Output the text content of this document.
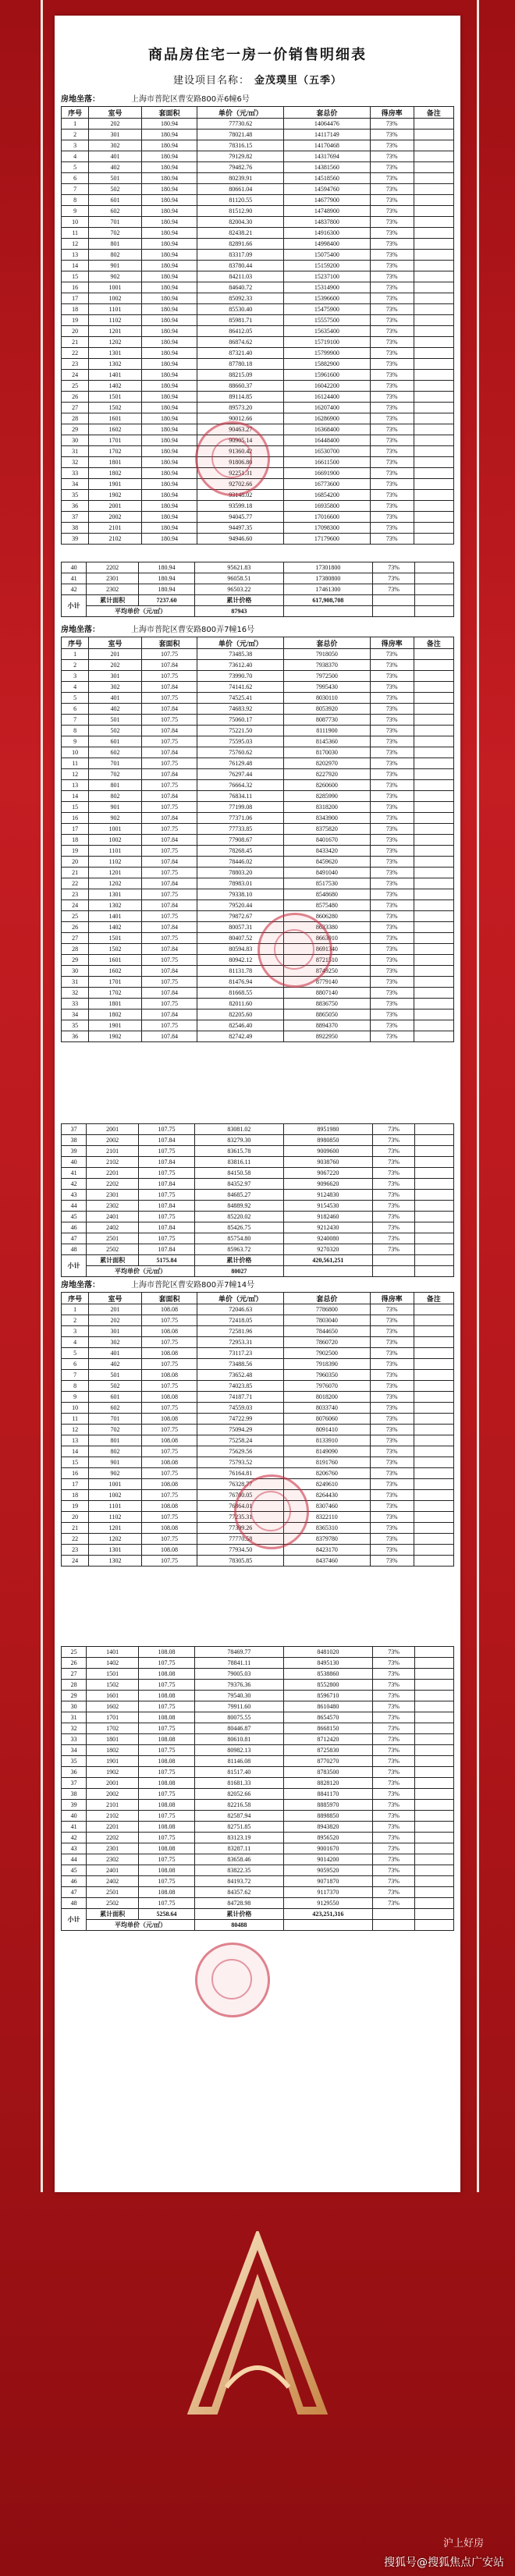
商品房住宅一房一价销售明细表
建设项目名称： 金茂璞里（五季）
房地坐落：	上海市普陀区曹安路800弄6幢6号
序号	室号	套面积	单价（元/㎡）	套总价	得房率	备注
1	202	180.94	77730.62	14064476	73%	
2	301	180.94	78021.48	14117149	73%	
3	302	180.94	78316.15	14170468	73%	
4	401	180.94	79129.82	14317694	73%	
5	402	180.94	79482.76	14381560	73%	
6	501	180.94	80239.91	14518560	73%	
7	502	180.94	80661.04	14594760	73%	
8	601	180.94	81120.55	14677900	73%	
9	602	180.94	81512.90	14748900	73%	
10	701	180.94	82004.30	14837800	73%	
11	702	180.94	82438.21	14916300	73%	
12	801	180.94	82891.66	14998400	73%	
13	802	180.94	83317.09	15075400	73%	
14	901	180.94	83780.44	15159200	73%	
15	902	180.94	84211.03	15237100	73%	
16	1001	180.94	84640.72	15314900	73%	
17	1002	180.94	85092.33	15396600	73%	
18	1101	180.94	85530.40	15475900	73%	
19	1102	180.94	85981.71	15557500	73%	
20	1201	180.94	86412.05	15635400	73%	
21	1202	180.94	86874.62	15719100	73%	
22	1301	180.94	87321.40	15799900	73%	
23	1302	180.94	87780.18	15882900	73%	
24	1401	180.94	88215.09	15961600	73%	
25	1402	180.94	88660.37	16042200	73%	
26	1501	180.94	89114.85	16124400	73%	
27	1502	180.94	89573.20	16207400	73%	
28	1601	180.94	90012.66	16286900	73%	
29	1602	180.94	90463.27	16368400	73%	
30	1701	180.94	90905.14	16448400	73%	
31	1702	180.94	91360.42	16530700	73%	
32	1801	180.94	91806.80	16611500	73%	
33	1802	180.94	92251.31	16691900	73%	
34	1901	180.94	92702.66	16773600	73%	
35	1902	180.94	93148.02	16854200	73%	
36	2001	180.94	93599.18	16935800	73%	
37	2002	180.94	94045.77	17016600	73%	
38	2101	180.94	94497.35	17098300	73%	
39	2102	180.94	94946.60	17179600	73%	
40	2202	180.94	95621.83	17301800	73%	
41	2301	180.94	96058.51	17380800	73%	
42	2302	180.94	96503.22	17461300	73%	
小计	累计面积	7237.60	累计价格	617,908,708		
	平均单价（元/㎡）		87943			
房地坐落：	上海市普陀区曹安路800弄7幢16号
序号	室号	套面积	单价（元/㎡）	套总价	得房率	备注
1	201	107.75	73485.38	7918050	73%	
2	202	107.84	73612.40	7938370	73%	
3	301	107.75	73990.70	7972500	73%	
4	302	107.84	74141.62	7995430	73%	
5	401	107.75	74525.41	8030110	73%	
6	402	107.84	74683.92	8053920	73%	
7	501	107.75	75060.17	8087730	73%	
8	502	107.84	75221.50	8111900	73%	
9	601	107.75	75595.03	8145360	73%	
10	602	107.84	75760.62	8170030	73%	
11	701	107.75	76129.48	8202970	73%	
12	702	107.84	76297.44	8227920	73%	
13	801	107.75	76664.32	8260600	73%	
14	802	107.84	76834.11	8285990	73%	
15	901	107.75	77199.08	8318200	73%	
16	902	107.84	77371.06	8343900	73%	
17	1001	107.75	77733.85	8375820	73%	
18	1002	107.84	77908.67	8401670	73%	
19	1101	107.75	78268.45	8433420	73%	
20	1102	107.84	78446.02	8459620	73%	
21	1201	107.75	78803.20	8491040	73%	
22	1202	107.84	78983.01	8517530	73%	
23	1301	107.75	79338.10	8548680	73%	
24	1302	107.84	79520.44	8575480	73%	
25	1401	107.75	79872.67	8606280	73%	
26	1402	107.84	80057.31	8633380	73%	
27	1501	107.75	80407.52	8663910	73%	
28	1502	107.84	80594.83	8691340	73%	
29	1601	107.75	80942.12	8721510	73%	
30	1602	107.84	81131.78	8749250	73%	
31	1701	107.75	81476.94	8779140	73%	
32	1702	107.84	81668.55	8807140	73%	
33	1801	107.75	82011.60	8836750	73%	
34	1802	107.84	82205.60	8865050	73%	
35	1901	107.75	82546.40	8894370	73%	
36	1902	107.84	82742.49	8922950	73%	
37	2001	107.75	83081.02	8951980	73%	
38	2002	107.84	83279.30	8980850	73%	
39	2101	107.75	83615.78	9009600	73%	
40	2102	107.84	83816.11	9038760	73%	
41	2201	107.75	84150.58	9067220	73%	
42	2202	107.84	84352.97	9096620	73%	
43	2301	107.75	84685.27	9124830	73%	
44	2302	107.84	84889.92	9154530	73%	
45	2401	107.75	85220.02	9182460	73%	
46	2402	107.84	85426.75	9212430	73%	
47	2501	107.75	85754.80	9240080	73%	
48	2502	107.84	85963.72	9270320	73%	
小计	累计面积	5175.84	累计价格	420,561,251		
	平均单价（元/㎡）		80027			
房地坐落：	上海市普陀区曹安路800弄7幢14号
序号	室号	套面积	单价（元/㎡）	套总价	得房率	备注
1	201	108.08	72046.63	7786800	73%	
2	202	107.75	72418.05	7803040	73%	
3	301	108.08	72581.96	7844650	73%	
4	302	107.75	72953.31	7860720	73%	
5	401	108.08	73117.23	7902500	73%	
6	402	107.75	73488.56	7918390	73%	
7	501	108.08	73652.48	7960350	73%	
8	502	107.75	74023.85	7976070	73%	
9	601	108.08	74187.71	8018200	73%	
10	602	107.75	74559.03	8033740	73%	
11	701	108.08	74722.99	8076060	73%	
12	702	107.75	75094.29	8091410	73%	
13	801	108.08	75258.24	8133910	73%	
14	802	107.75	75629.56	8149090	73%	
15	901	108.08	75793.52	8191760	73%	
16	902	107.75	76164.81	8206760	73%	
17	1001	108.08	76328.77	8249610	73%	
18	1002	107.75	76700.05	8264430	73%	
19	1101	108.08	76864.01	8307460	73%	
20	1102	107.75	77235.31	8322110	73%	
21	1201	108.08	77399.26	8365310	73%	
22	1202	107.75	77770.58	8379780	73%	
23	1301	108.08	77934.50	8423170	73%	
24	1302	107.75	78305.85	8437460	73%	
25	1401	108.08	78469.77	8481020	73%	
26	1402	107.75	78841.11	8495130	73%	
27	1501	108.08	79005.03	8538860	73%	
28	1502	107.75	79376.36	8552800	73%	
29	1601	108.08	79540.30	8596710	73%	
30	1602	107.75	79911.60	8610480	73%	
31	1701	108.08	80075.55	8654570	73%	
32	1702	107.75	80446.87	8668150	73%	
33	1801	108.08	80610.81	8712420	73%	
34	1802	107.75	80982.13	8725830	73%	
35	1901	108.08	81146.08	8770270	73%	
36	1902	107.75	81517.40	8783500	73%	
37	2001	108.08	81681.33	8828120	73%	
38	2002	107.75	82052.66	8841170	73%	
39	2101	108.08	82216.58	8885970	73%	
40	2102	107.75	82587.94	8898850	73%	
41	2201	108.08	82751.85	8943820	73%	
42	2202	107.75	83123.19	8956520	73%	
43	2301	108.08	83287.11	9001670	73%	
44	2302	107.75	83658.46	9014200	73%	
45	2401	108.08	83822.35	9059520	73%	
46	2402	107.75	84193.72	9071870	73%	
47	2501	108.08	84357.62	9117370	73%	
48	2502	107.75	84728.98	9129550	73%	
小计	累计面积	5258.64	累计价格	423,251,316		
	平均单价（元/㎡）		80488			
沪上好房
搜狐号@搜狐焦点广安站
